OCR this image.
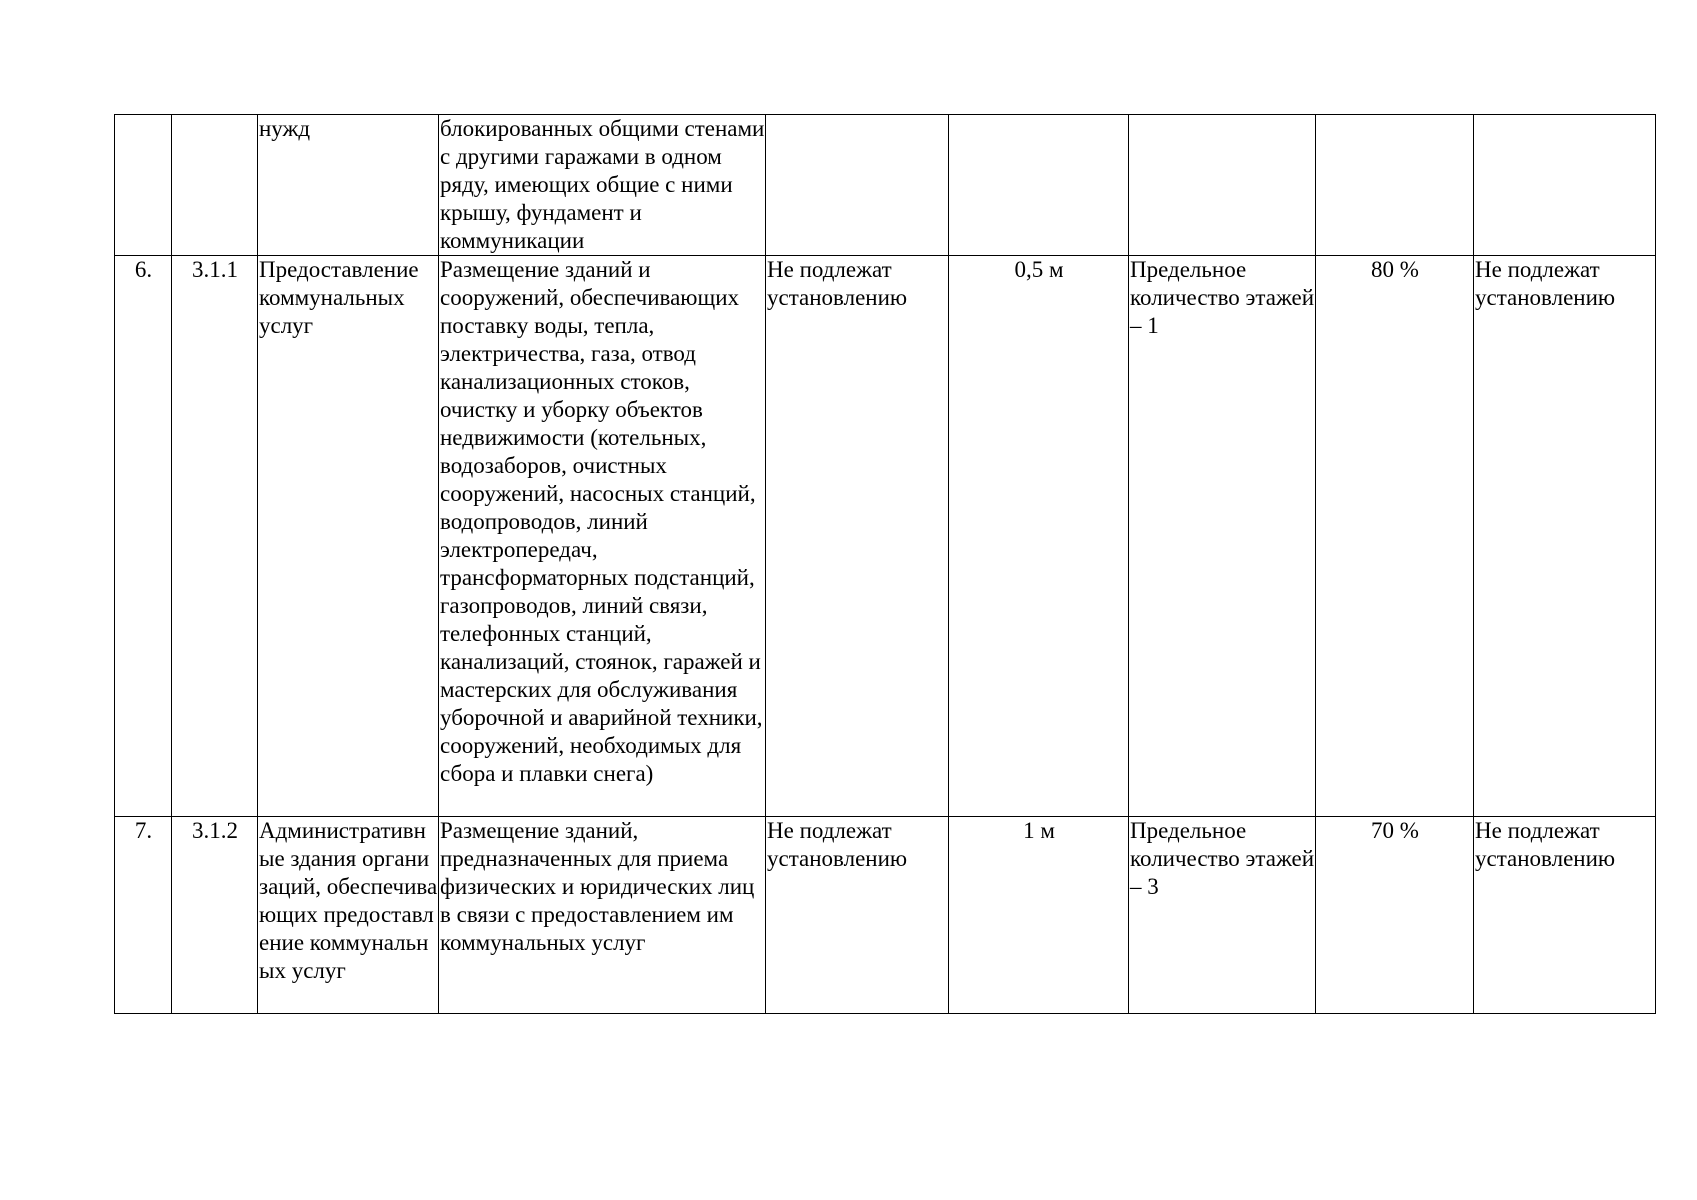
		нужд	блокированных общими стенами с другими гаражами в одном ряду, имеющих общие с ними крышу, фундамент и коммуникации					
6.	3.1.1	Предоставление коммунальных услуг	Размещение зданий и сооружений, обеспечивающих поставку воды, тепла, электричества, газа, отвод канализационных стоков, очистку и уборку объектов недвижимости (котельных, водозаборов, очистных сооружений, насосных станций, водопроводов, линий электропередач, трансформаторных подстанций, газопроводов, линий связи, телефонных станций, канализаций, стоянок, гаражей и мастерских для обслуживания уборочной и аварийной техники, сооружений, необходимых для сбора и плавки снега)	Не подлежат установлению	0,5 м	Предельное количество этажей – 1	80 %	Не подлежат установлению
7.	3.1.2	Административные здания организаций, обеспечивающих предоставление коммунальных услуг	Размещение зданий, предназначенных для приема физических и юридических лиц в связи с предоставлением им коммунальных услуг	Не подлежат установлению	1 м	Предельное количество этажей – 3	70 %	Не подлежат установлению
